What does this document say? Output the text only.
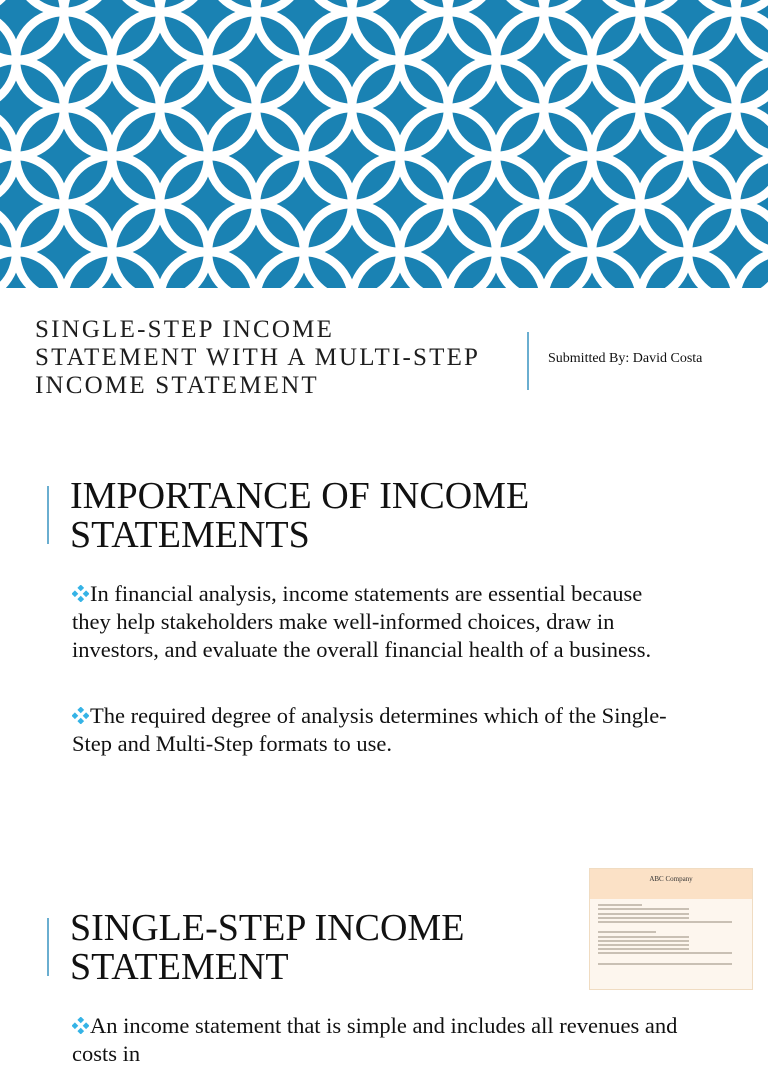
SINGLE-STEP INCOME STATEMENT WITH A MULTI-STEP INCOME STATEMENT
Submitted By: David Costa
IMPORTANCE OF INCOME STATEMENTS
In financial analysis, income statements are essential because they help stakeholders make well-informed choices, draw in investors, and evaluate the overall financial health of a business.
The required degree of analysis determines which of the Single-Step and Multi-Step formats to use.
SINGLE-STEP INCOME STATEMENT
ABC Company
An income statement that is simple and includes all revenues and costs in
